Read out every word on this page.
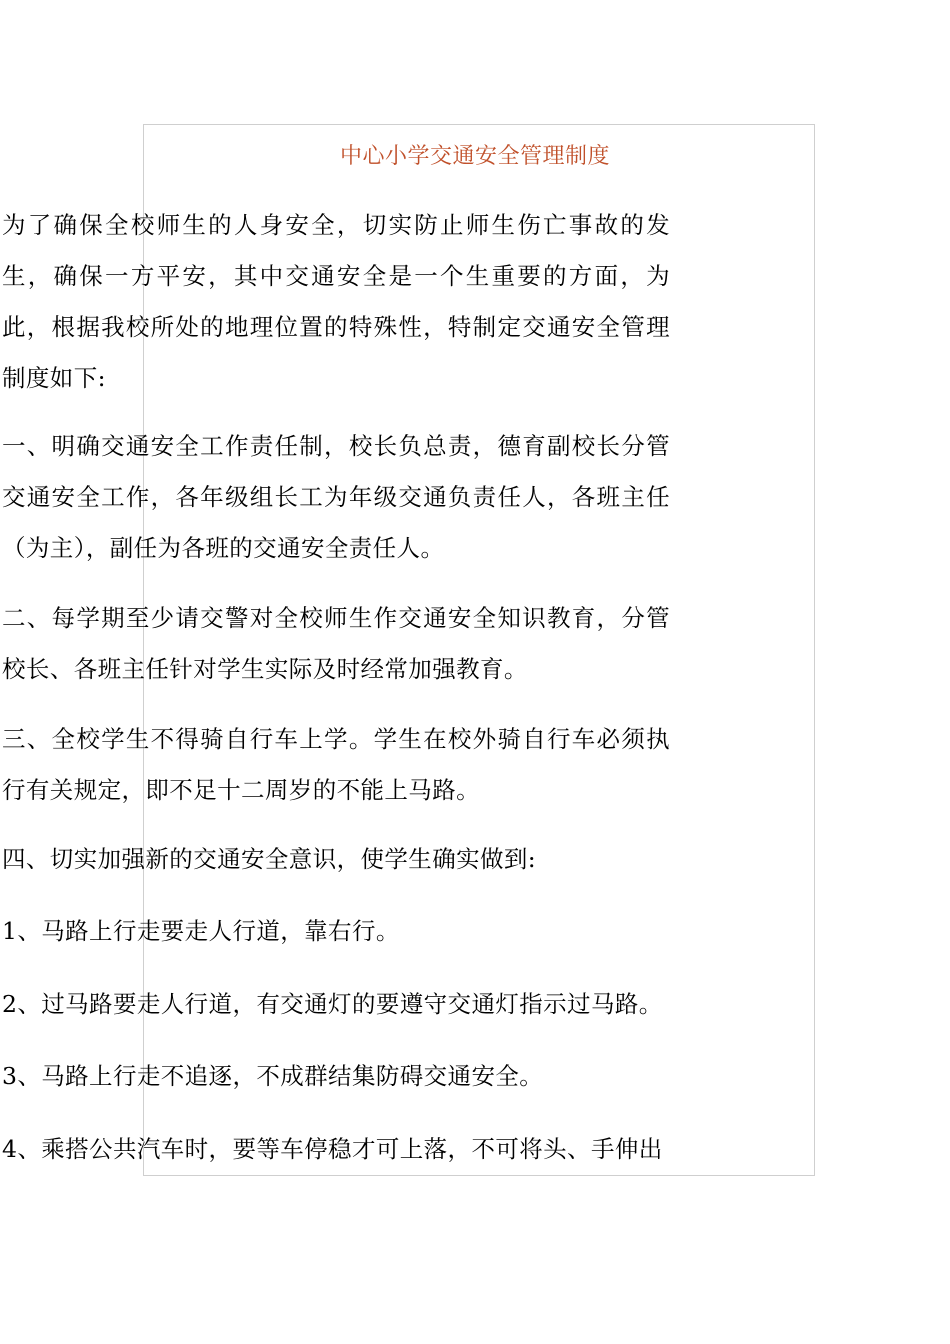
中心小学交通安全管理制度

为了确保全校师生的人身安全，切实防止师生伤亡事故的发生，确保一方平安，其中交通安全是一个生重要的方面，为此，根据我校所处的地理位置的特殊性，特制定交通安全管理制度如下:

一、明确交通安全工作责任制，校长负总责，德育副校长分管交通安全工作，各年级组长工为年级交通负责任人，各班主任（为主），副任为各班的交通安全责任人。

二、每学期至少请交警对全校师生作交通安全知识教育，分管校长、各班主任针对学生实际及时经常加强教育。

三、全校学生不得骑自行车上学。学生在校外骑自行车必须执行有关规定，即不足十二周岁的不能上马路。

四、切实加强新的交通安全意识，使学生确实做到:

1、马路上行走要走人行道，靠右行。

2、过马路要走人行道，有交通灯的要遵守交通灯指示过马路。

3、马路上行走不追逐，不成群结集防碍交通安全。

4、乘搭公共汽车时，要等车停稳才可上落，不可将头、手伸出
